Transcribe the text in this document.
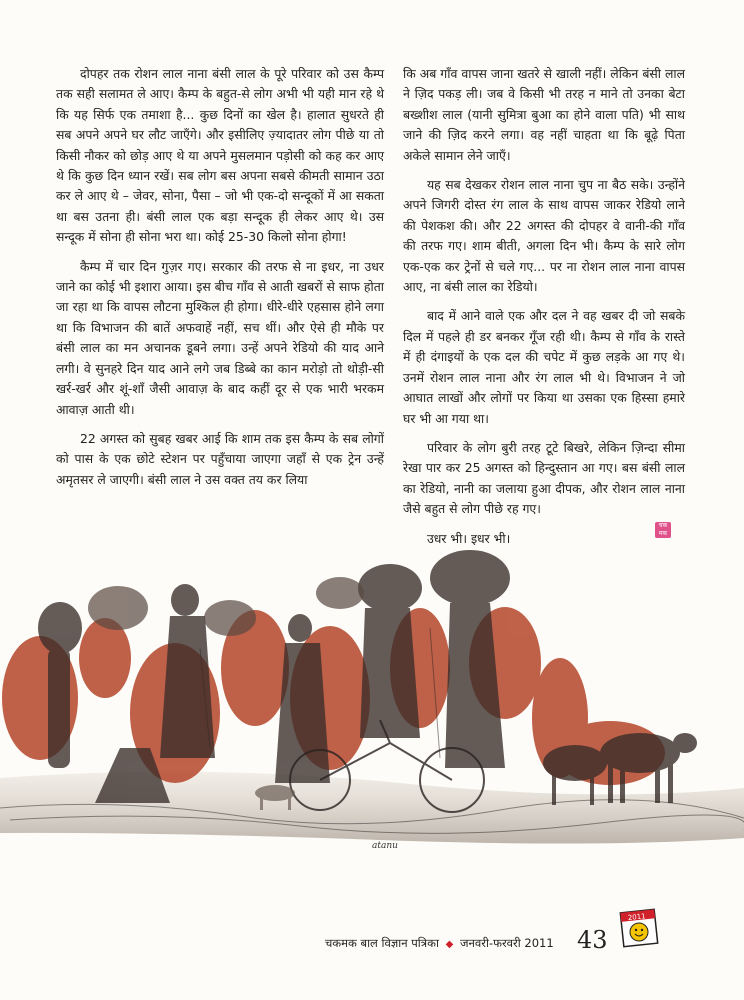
दोपहर तक रोशन लाल नाना बंसी लाल के पूरे परिवार को उस कैम्प तक सही सलामत ले आए। कैम्प के बहुत-से लोग अभी भी यही मान रहे थे कि यह सिर्फ एक तमाशा है... कुछ दिनों का खेल है। हालात सुधरते ही सब अपने अपने घर लौट जाएँगे। और इसीलिए ज़्यादातर लोग पीछे या तो किसी नौकर को छोड़ आए थे या अपने मुसलमान पड़ोसी को कह कर आए थे कि कुछ दिन ध्यान रखें। सब लोग बस अपना सबसे कीमती सामान उठा कर ले आए थे – जेवर, सोना, पैसा – जो भी एक-दो सन्दूकों में आ सकता था बस उतना ही। बंसी लाल एक बड़ा सन्दूक ही लेकर आए थे। उस सन्दूक में सोना ही सोना भरा था। कोई 25-30 किलो सोना होगा!

कैम्प में चार दिन गुज़र गए। सरकार की तरफ से ना इधर, ना उधर जाने का कोई भी इशारा आया। इस बीच गाँव से आती खबरों से साफ होता जा रहा था कि वापस लौटना मुश्किल ही होगा। धीरे-धीरे एहसास होने लगा था कि विभाजन की बातें अफवाहें नहीं, सच थीं। और ऐसे ही मौके पर बंसी लाल का मन अचानक डूबने लगा। उन्हें अपने रेडियो की याद आने लगी। वे सुनहरे दिन याद आने लगे जब डिब्बे का कान मरोड़ो तो थोड़ी-सी खर्र-खर्र और शूं-शाँ जैसी आवाज़ के बाद कहीं दूर से एक भारी भरकम आवाज़ आती थी।

22 अगस्त को सुबह खबर आई कि शाम तक इस कैम्प के सब लोगों को पास के एक छोटे स्टेशन पर पहुँचाया जाएगा जहाँ से एक ट्रेन उन्हें अमृतसर ले जाएगी। बंसी लाल ने उस वक्त तय कर लिया

कि अब गाँव वापस जाना खतरे से खाली नहीं। लेकिन बंसी लाल ने ज़िद पकड़ ली। जब वे किसी भी तरह न माने तो उनका बेटा बख्शीश लाल (यानी सुमित्रा बुआ का होने वाला पति) भी साथ जाने की ज़िद करने लगा। वह नहीं चाहता था कि बूढ़े पिता अकेले सामान लेने जाएँ।

यह सब देखकर रोशन लाल नाना चुप ना बैठ सके। उन्होंने अपने जिगरी दोस्त रंग लाल के साथ वापस जाकर रेडियो लाने की पेशकश की। और 22 अगस्त की दोपहर वे वानी-की गाँव की तरफ गए। शाम बीती, अगला दिन भी। कैम्प के सारे लोग एक-एक कर ट्रेनों से चले गए... पर ना रोशन लाल नाना वापस आए, ना बंसी लाल का रेडियो।

बाद में आने वाले एक और दल ने वह खबर दी जो सबके दिल में पहले ही डर बनकर गूँज रही थी। कैम्प से गाँव के रास्ते में ही दंगाइयों के एक दल की चपेट में कुछ लड़के आ गए थे। उनमें रोशन लाल नाना और रंग लाल भी थे। विभाजन ने जो आघात लाखों और लोगों पर किया था उसका एक हिस्सा हमारे घर भी आ गया था।

परिवार के लोग बुरी तरह टूटे बिखरे, लेकिन ज़िन्दा सीमा रेखा पार कर 25 अगस्त को हिन्दुस्तान आ गए। बस बंसी लाल का रेडियो, नानी का जलाया हुआ दीपक, और रोशन लाल नाना जैसे बहुत से लोग पीछे रह गए।

उधर भी। इधर भी।

चक मक
atanu
चकमक बाल विज्ञान पत्रिका ◆ जनवरी-फरवरी 2011 43
2011
